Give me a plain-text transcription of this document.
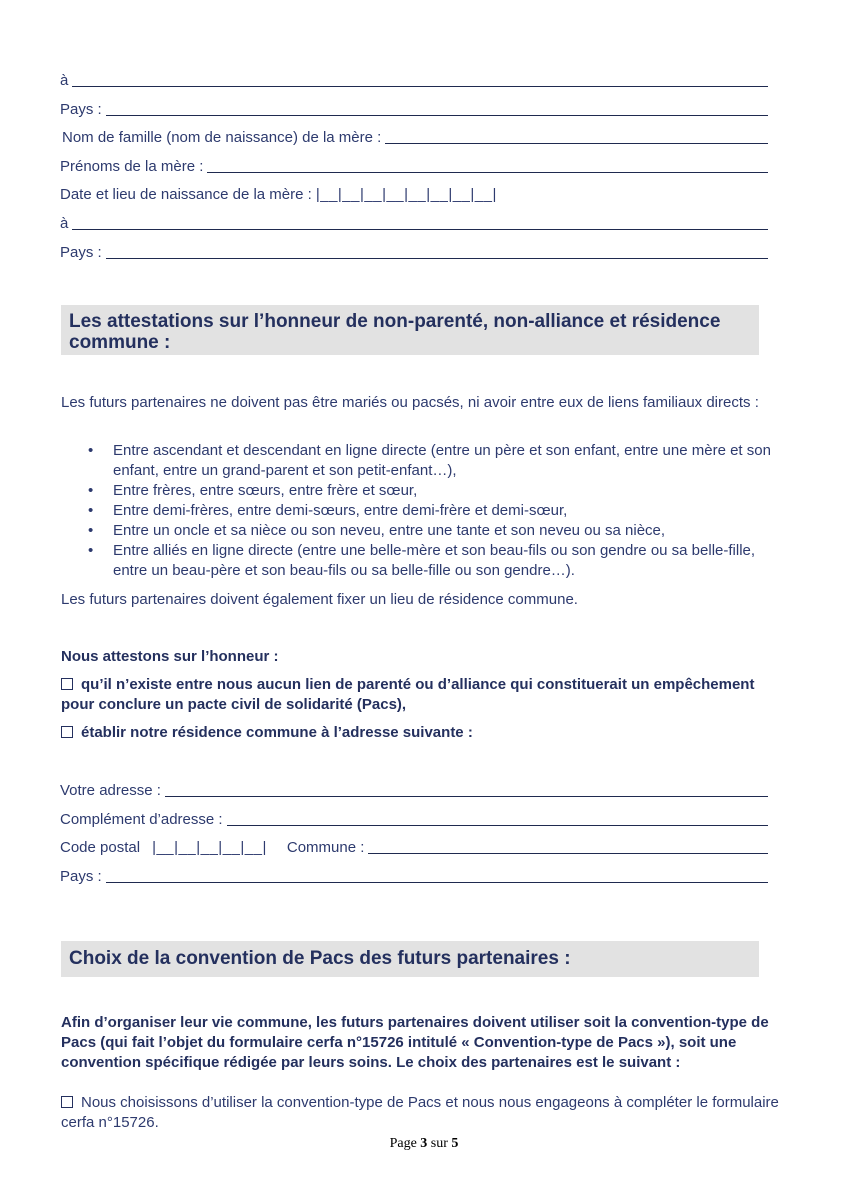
à
Pays :
Nom de famille (nom de naissance) de la mère :
Prénoms de la mère :
Date et lieu de naissance de la mère : |__|__|__|__|__|__|__|__|
à
Pays :
Les attestations sur l’honneur de non-parenté, non-alliance et résidence commune :
Les futurs partenaires ne doivent pas être mariés ou pacsés, ni avoir entre eux de liens familiaux directs :
• Entre ascendant et descendant en ligne directe (entre un père et son enfant, entre une mère et son enfant, entre un grand-parent et son petit-enfant…),
• Entre frères, entre sœurs, entre frère et sœur,
• Entre demi-frères, entre demi-sœurs, entre demi-frère et demi-sœur,
• Entre un oncle et sa nièce ou son neveu, entre une tante et son neveu ou sa nièce,
• Entre alliés en ligne directe (entre une belle-mère et son beau-fils ou son gendre ou sa belle-fille, entre un beau-père et son beau-fils ou sa belle-fille ou son gendre…).
Les futurs partenaires doivent également fixer un lieu de résidence commune.
Nous attestons sur l’honneur :
qu’il n’existe entre nous aucun lien de parenté ou d’alliance qui constituerait un empêchement pour conclure un pacte civil de solidarité (Pacs),
établir notre résidence commune à l’adresse suivante :
Votre adresse :
Complément d’adresse :
Code postal |__|__|__|__|__|	Commune :
Pays :
Choix de la convention de Pacs des futurs partenaires :
Afin d’organiser leur vie commune, les futurs partenaires doivent utiliser soit la convention-type de Pacs (qui fait l’objet du formulaire cerfa n°15726 intitulé « Convention-type de Pacs »), soit une convention spécifique rédigée par leurs soins. Le choix des partenaires est le suivant :
Nous choisissons d’utiliser la convention-type de Pacs et nous nous engageons à compléter le formulaire cerfa n°15726.
Page 3 sur 5
